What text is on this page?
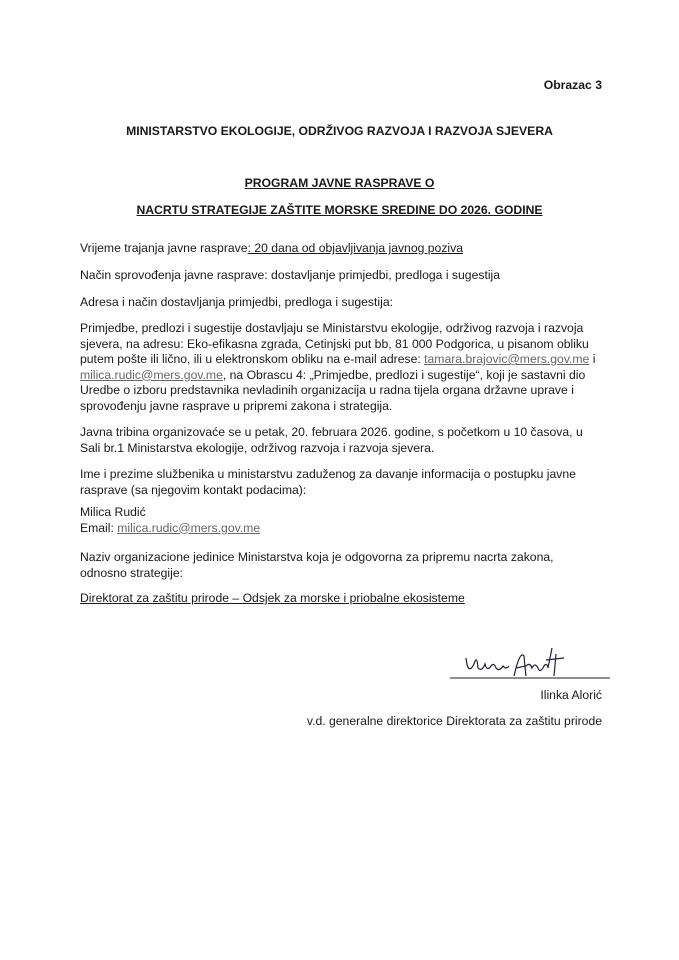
Obrazac 3
MINISTARSTVO EKOLOGIJE, ODRŽIVOG RAZVOJA I RAZVOJA SJEVERA
PROGRAM JAVNE RASPRAVE O
NACRTU STRATEGIJE ZAŠTITE MORSKE SREDINE DO 2026. GODINE
Vrijeme trajanja javne rasprave: 20 dana od objavljivanja javnog poziva
Način sprovođenja javne rasprave: dostavljanje primjedbi, predloga i sugestija
Adresa i način dostavljanja primjedbi, predloga i sugestija:
Primjedbe, predlozi i sugestije dostavljaju se Ministarstvu ekologije, održivog razvoja i razvoja
sjevera, na adresu: Eko-efikasna zgrada, Cetinjski put bb, 81 000 Podgorica, u pisanom obliku
putem pošte ili lično, ili u elektronskom obliku na e-mail adrese: tamara.brajovic@mers.gov.me i
milica.rudic@mers.gov.me, na Obrascu 4: „Primjedbe, predlozi i sugestije“, koji je sastavni dio
Uredbe o izboru predstavnika nevladinih organizacija u radna tijela organa državne uprave i
sprovođenju javne rasprave u pripremi zakona i strategija.
Javna tribina organizovaće se u petak, 20. februara 2026. godine, s početkom u 10 časova, u
Sali br.1 Ministarstva ekologije, održivog razvoja i razvoja sjevera.
Ime i prezime službenika u ministarstvu zaduženog za davanje informacija o postupku javne
rasprave (sa njegovim kontakt podacima):
Milica Rudić
Email: milica.rudic@mers.gov.me
Naziv organizacione jedinice Ministarstva koja je odgovorna za pripremu nacrta zakona,
odnosno strategije:
Direktorat za zaštitu prirode – Odsjek za morske i priobalne ekosisteme
Ilinka Alorić
v.d. generalne direktorice Direktorata za zaštitu prirode
